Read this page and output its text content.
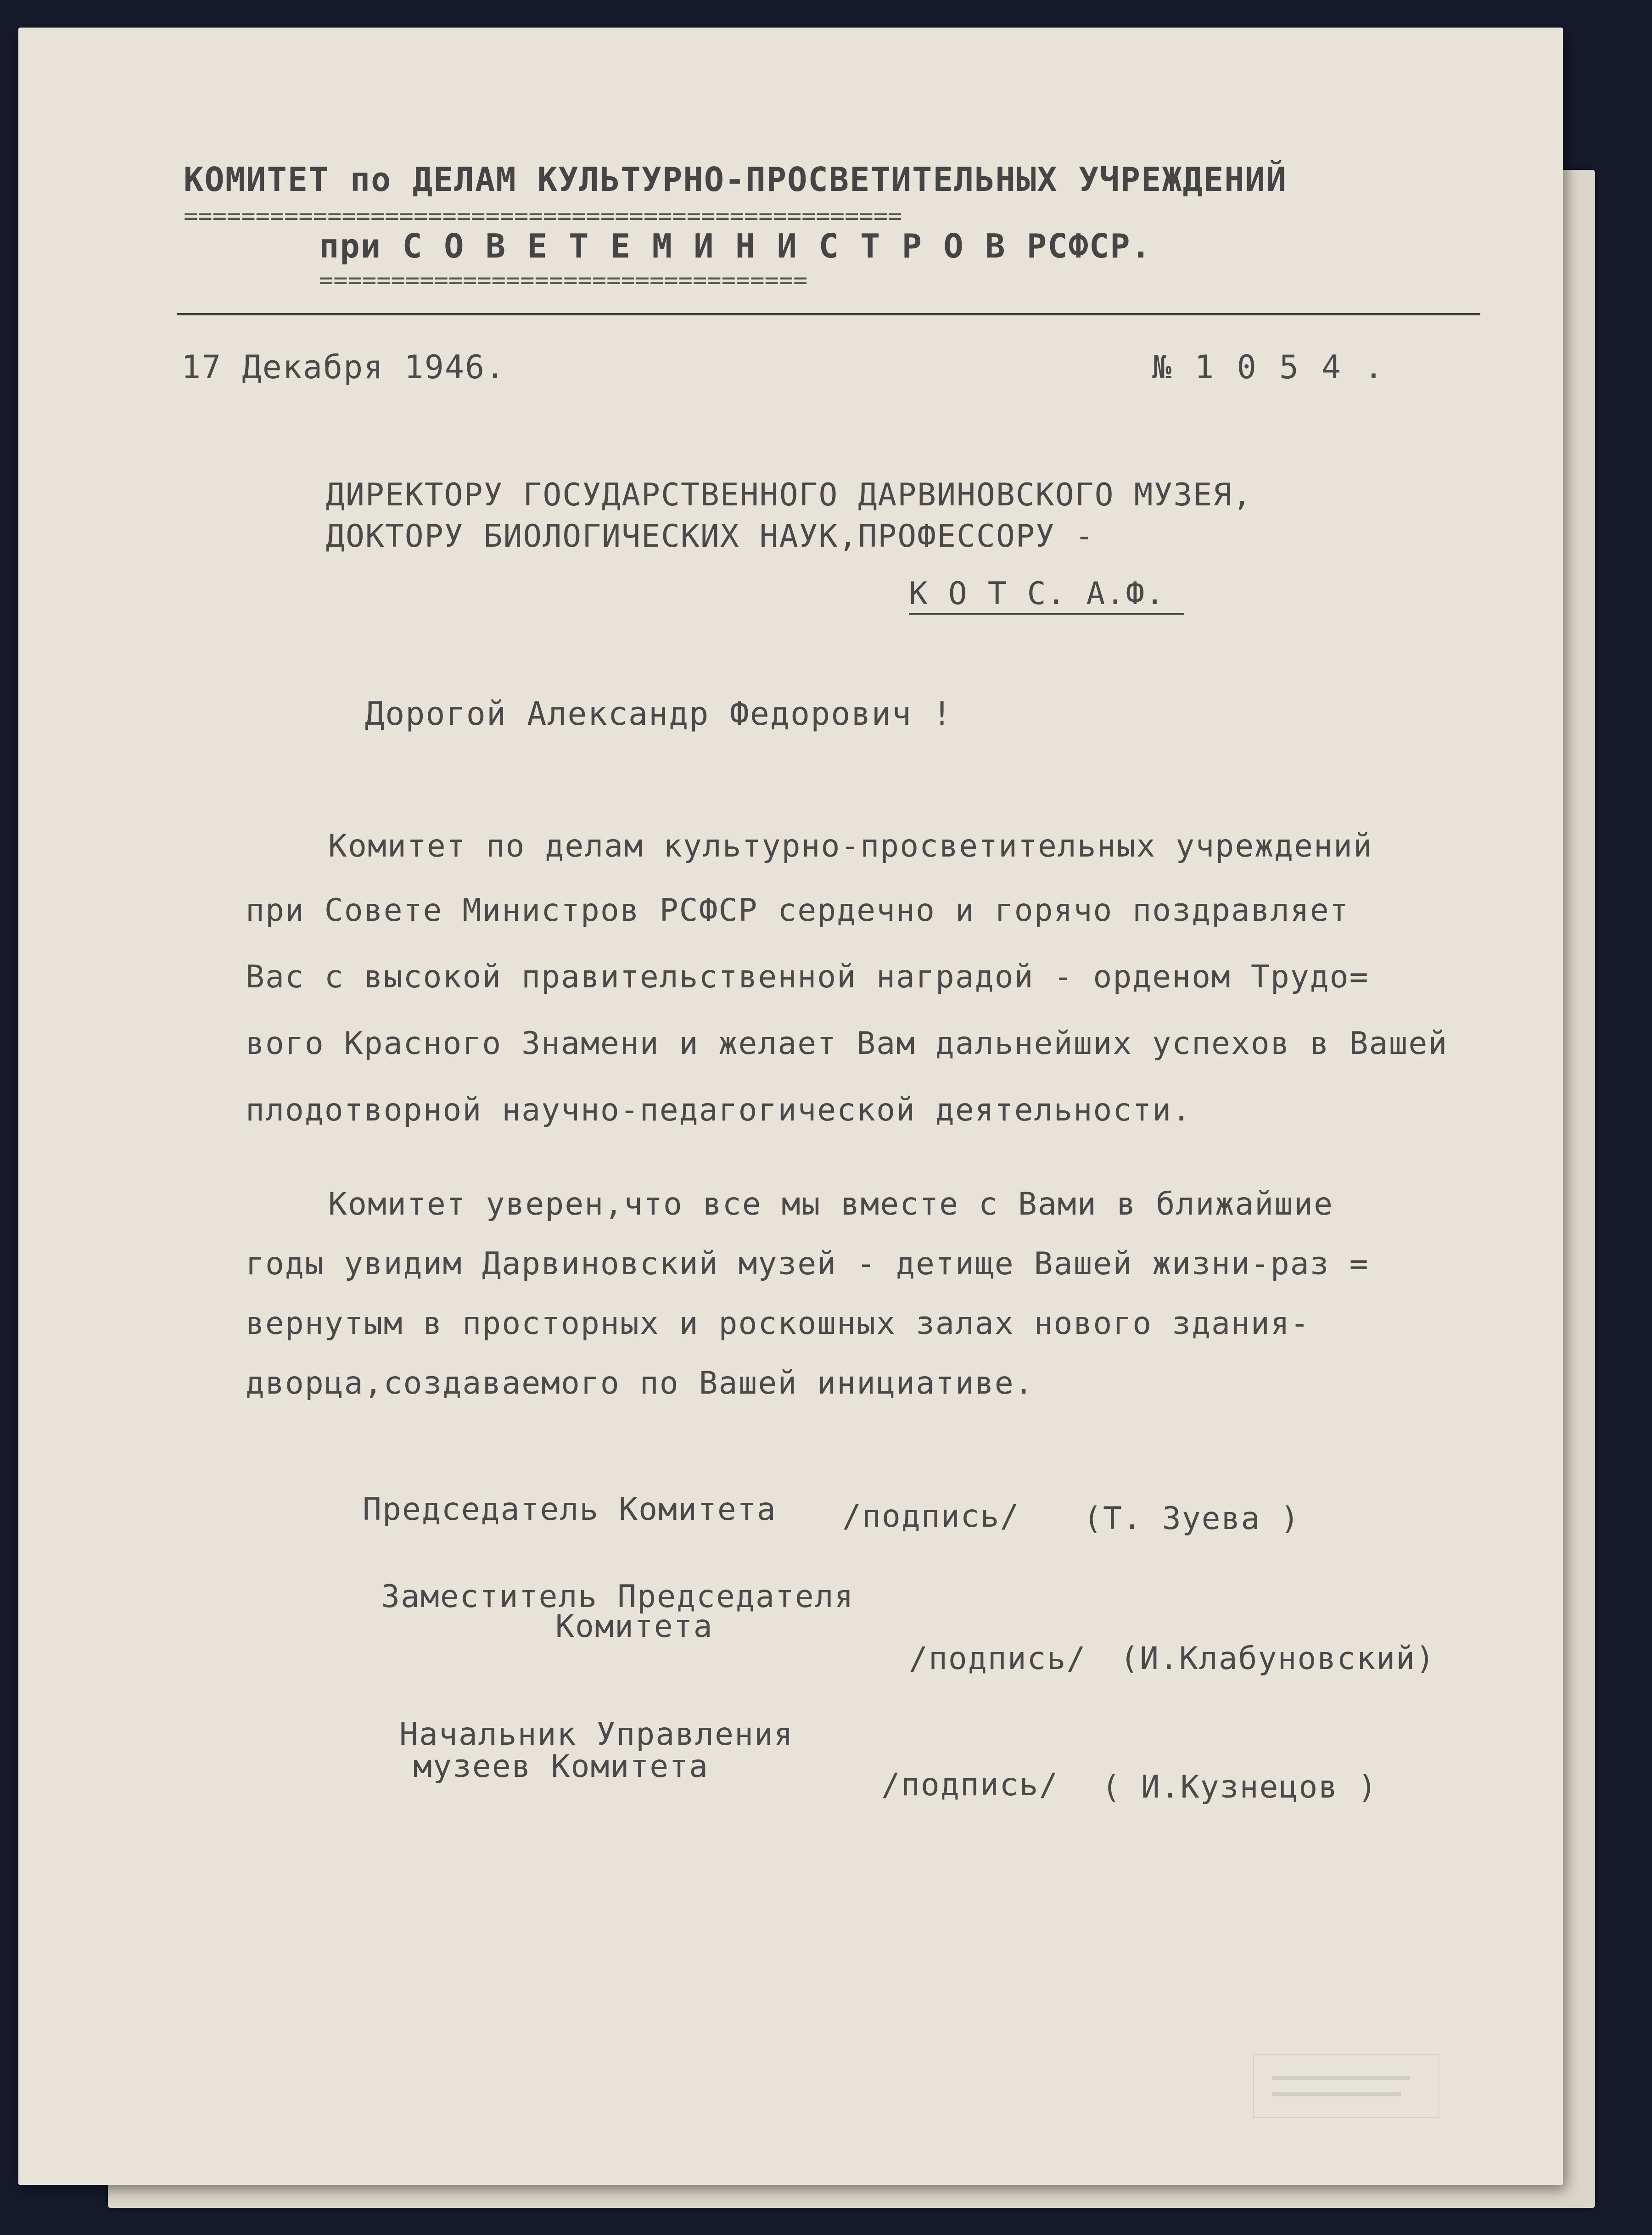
КОМИТЕТ по ДЕЛАМ КУЛЬТУРНО-ПРОСВЕТИТЕЛЬНЫХ УЧРЕЖДЕНИЙ
==================================================
при С О В Е Т Е М И Н И С Т Р О В РСФСР.
==================================
17 Декабря 1946.	№ 1 0 5 4 .
ДИРЕКТОРУ ГОСУДАРСТВЕННОГО ДАРВИНОВСКОГО МУЗЕЯ,
ДОКТОРУ БИОЛОГИЧЕСКИХ НАУК,ПРОФЕССОРУ -
К О Т С. А.Ф.
Дорогой Александр Федорович !
Комитет по делам культурно-просветительных учреждений
при Совете Министров РСФСР сердечно и горячо поздравляет
Вас с высокой правительственной наградой - орденом Трудо=
вого Красного Знамени и желает Вам дальнейших успехов в Вашей
плодотворной научно-педагогической деятельности.
Комитет уверен,что все мы вместе с Вами в ближайшие
годы увидим Дарвиновский музей - детище Вашей жизни-раз =
вернутым в просторных и роскошных залах нового здания-
дворца,создаваемого по Вашей инициативе.
Председатель Комитета /подпись/ (Т. Зуева )
Заместитель Председателя
Комитета
/подпись/ (И.Клабуновский)
Начальник Управления
музеев Комитета
/подпись/ ( И.Кузнецов )
